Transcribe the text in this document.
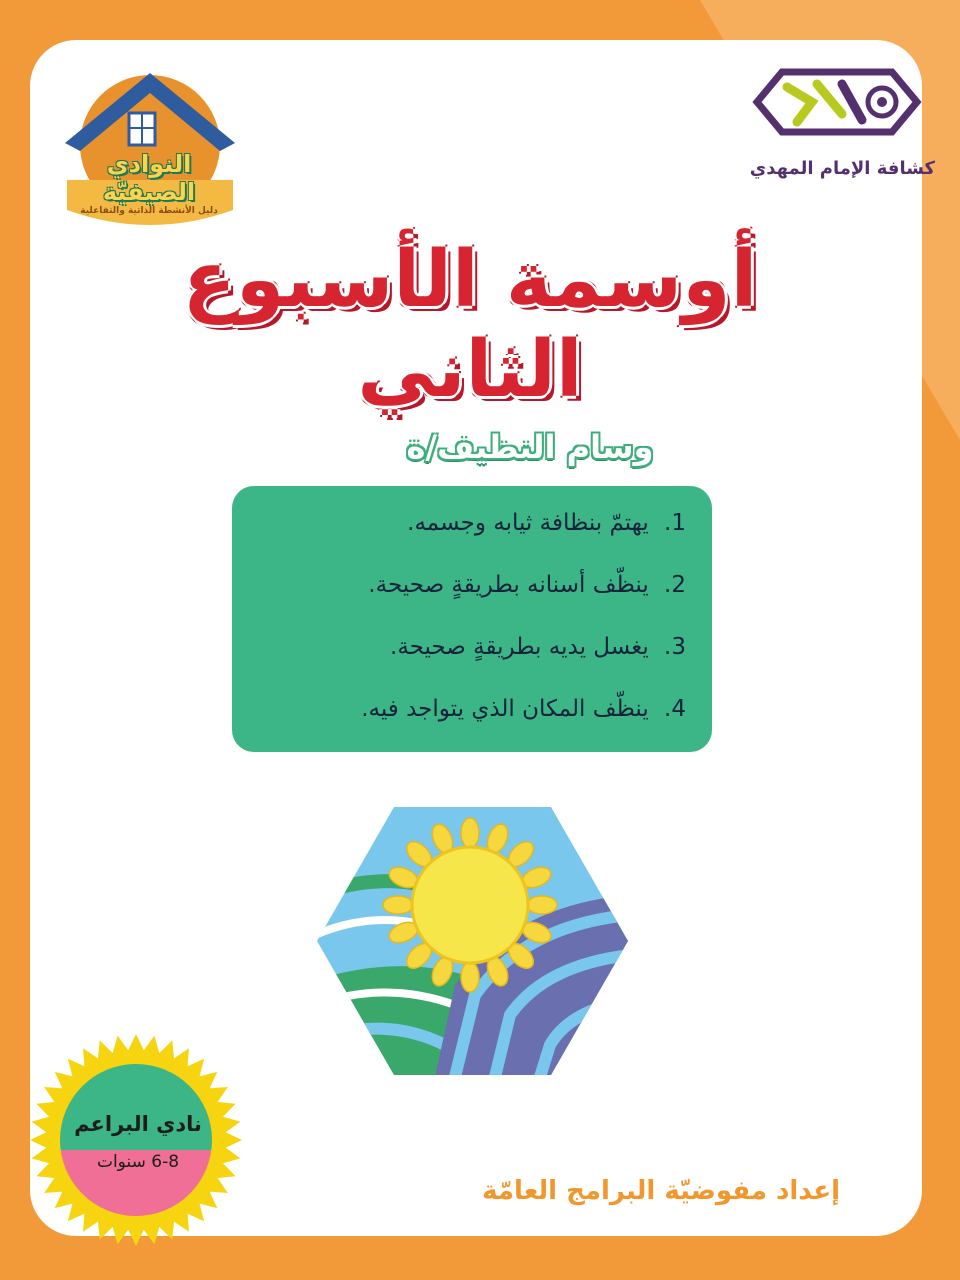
كشافة الإمام المهدي
النوادي الصيفيّة
دليل الأنشطة الذاتية والتفاعلية
أوسمة الأسبوع الثاني
وسام النظيف/ة
1. يهتمّ بنظافة ثيابه وجسمه.
2. ينظّف أسنانه بطريقةٍ صحيحة.
3. يغسل يديه بطريقةٍ صحيحة.
4. ينظّف المكان الذي يتواجد فيه.
نادي البراعم
6-8 سنوات
إعداد مفوضيّة البرامج العامّة
